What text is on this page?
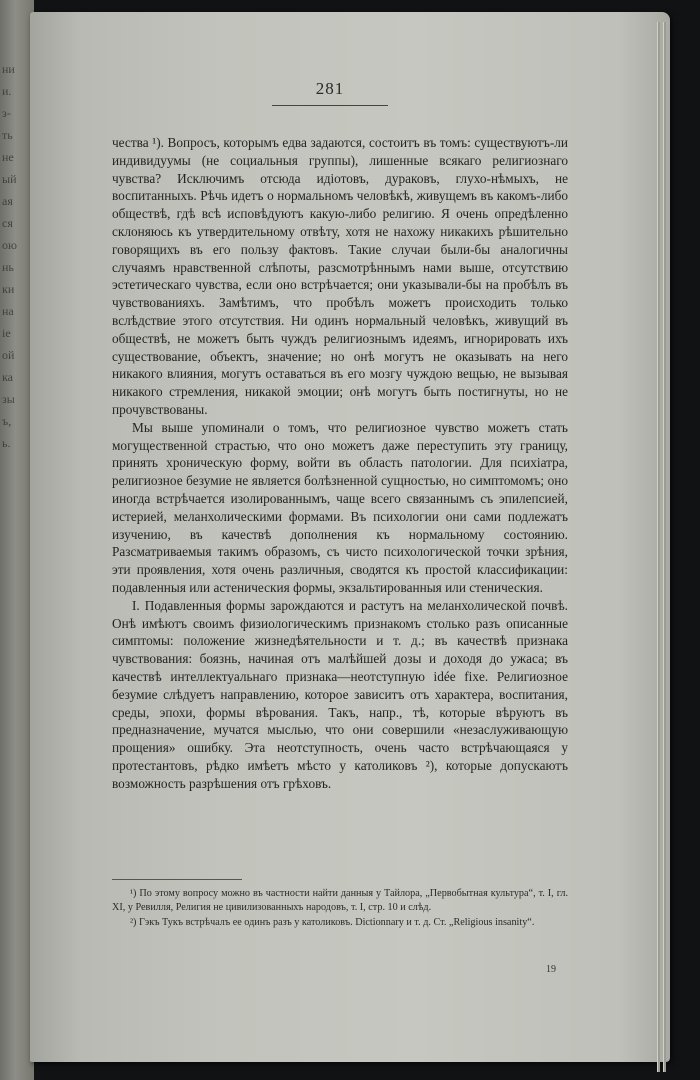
ни
и.
з-
ть
не
ый
ая
ся
ою
нь
ки
на
ie
ой
ка
зы
ъ,
ь.
281

чества ¹). Вопросъ, которымъ едва задаются, состоитъ въ томъ: существуютъ-ли индивидуумы (не социальныя группы), лишенные всякаго религиознаго чувства? Исключимъ отсюда идiотовъ, дураковъ, глухо-нѣмыхъ, не воспитанныхъ. Рѣчь идетъ о нормальномъ человѣкѣ, живущемъ въ какомъ-либо обществѣ, гдѣ всѣ исповѣдуютъ какую-либо религию. Я очень опредѣленно склоняюсь къ утвердительному отвѣту, хотя не нахожу никакихъ рѣшительно говорящихъ въ его пользу фактовъ. Такие случаи были-бы аналогичны случаямъ нравственной слѣпоты, разсмотрѣннымъ нами выше, отсутствию эстетическаго чувства, если оно встрѣчается; они указывали-бы на пробѣлъ въ чувствованияхъ. Замѣтимъ, что пробѣлъ можетъ происходить только вслѣдствие этого отсутствия. Ни одинъ нормальный человѣкъ, живущий въ обществѣ, не можетъ быть чуждъ религиознымъ идеямъ, игнорировать ихъ существование, объектъ, значение; но онѣ могутъ не оказывать на него никакого влияния, могутъ оставаться въ его мозгу чуждою вещью, не вызывая никакого стремления, никакой эмоции; онѣ могутъ быть постигнуты, но не прочувствованы.

Мы выше упоминали о томъ, что религиозное чувство можетъ стать могущественной страстью, что оно можетъ даже переступить эту границу, принять хроническую форму, войти въ область патологии. Для психiатра, религиозное безумие не является болѣзненной сущностью, но симптомомъ; оно иногда встрѣчается изолированнымъ, чаще всего связаннымъ съ эпилепсией, истерией, меланхолическими формами. Въ психологии они сами подлежатъ изучению, въ качествѣ дополнения къ нормальному состоянию. Разсматриваемыя такимъ образомъ, съ чисто психологической точки зрѣния, эти проявления, хотя очень различныя, сводятся къ простой классификации: подавленныя или астеническия формы, экзальтированныя или стеническия.

I. Подавленныя формы зарождаются и растутъ на меланхолической почвѣ. Онѣ имѣютъ своимъ физиологическимъ признакомъ столько разъ описанные симптомы: положение жизнедѣятельности и т. д.; въ качествѣ признака чувствования: боязнь, начиная отъ малѣйшей дозы и доходя до ужаса; въ качествѣ интеллектуальнаго признака—неотступную idée fixe. Религиозное безумие слѣдуетъ направлению, которое зависитъ отъ характера, воспитания, среды, эпохи, формы вѣрования. Такъ, напр., тѣ, которые вѣруютъ въ предназначение, мучатся мыслью, что они совершили «незаслуживающую прощения» ошибку. Эта неотступность, очень часто встрѣчающаяся у протестантовъ, рѣдко имѣетъ мѣсто у католиковъ ²), которые допускаютъ возможность разрѣшения отъ грѣховъ.

¹) По этому вопросу можно въ частности найти данныя у Тайлора, „Первобытная культура“, т. I, гл. XI, у Ревилля, Религия не цивилизованныхъ народовъ, т. I, стр. 10 и слѣд.

²) Гэкъ Тукъ встрѣчалъ ее одинъ разъ у католиковъ. Dictionnary и т. д. Ст. „Religious insanity“.

19
